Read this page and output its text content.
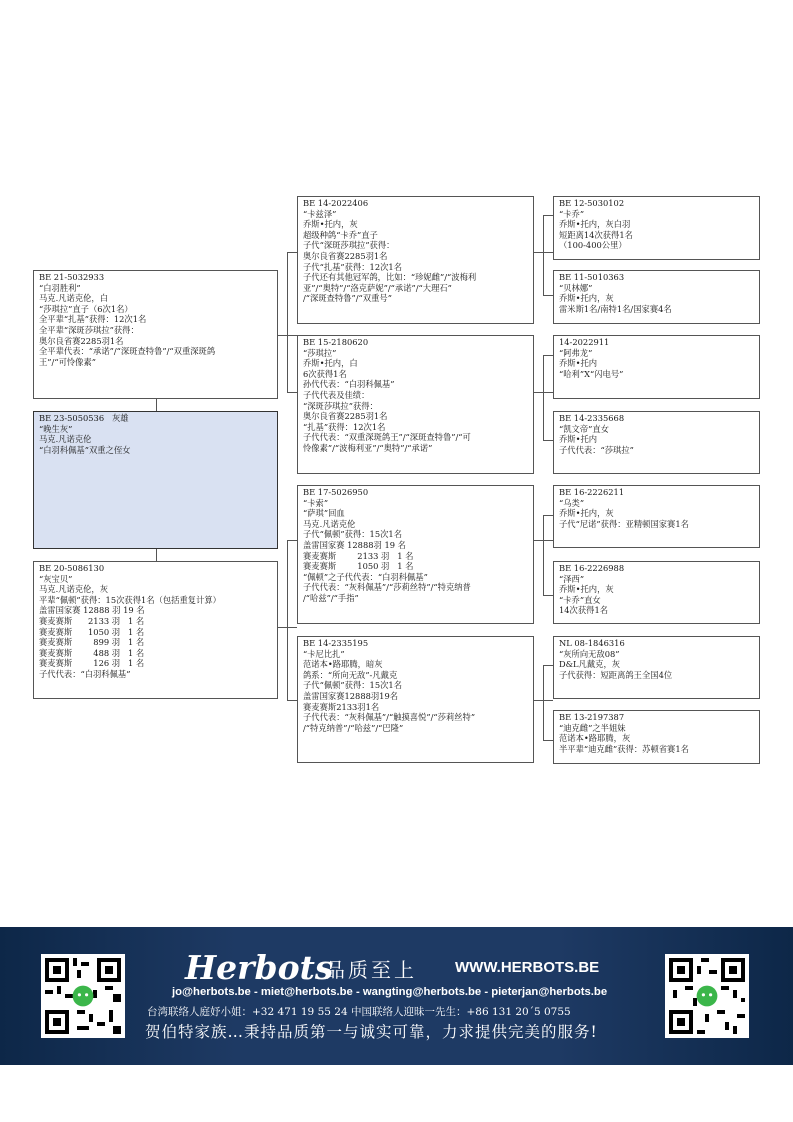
BE 21-5032933
“白羽胜利”
马克.凡诺克伦，白
“莎琪拉”直子（6次1名）
全平辈“扎基”获得：12次1名
全平辈“深斑莎琪拉”获得：
奥尔良省赛2285羽1名
全平辈代表：“承诺”/“深斑查特鲁”/“双重深斑鸽
王”/“可怜像素”
BE 23-5050536   灰雄
“晚生灰”
马克.凡诺克伦
“白羽科佩基”双重之侄女
BE 20-5086130
“灰宝贝”
马克.凡诺克伦，灰
平辈“佩顿”获得：15次获得1名（包括重复计算）
盖雷国家赛 12888 羽 19 名
赛麦赛斯      2133 羽   1 名
赛麦赛斯      1050 羽   1 名
赛麦赛斯        899 羽   1 名
赛麦赛斯        488 羽   1 名
赛麦赛斯        126 羽   1 名
子代代表：“白羽科佩基”
BE 14-2022406
“卡兹泽”
乔斯•托内，灰
超级种鸽“卡乔”直子
子代“深斑莎琪拉”获得：
奥尔良省赛2285羽1名
子代“扎基”获得：12次1名
子代还有其他冠军鸽，比如：“珍妮雌”/“波梅利
亚”/“奥特”/“洛克萨妮”/“承诺”/“大理石”
/“深斑查特鲁”/“双重号”
BE 15-2180620
“莎琪拉”
乔斯•托内，白
6次获得1名
孙代代表：“白羽科佩基”
子代代表及佳绩：
“深斑莎琪拉”获得：
奥尔良省赛2285羽1名
“扎基”获得：12次1名
子代代表：“双重深斑鸽王”/“深斑查特鲁”/“可
怜像素”/“波梅利亚”/“奥特”/“承诺”
BE 17-5026950
“卡索”
“萨琪”回血
马克.凡诺克伦
子代“佩顿”获得：15次1名
盖雷国家赛 12888羽 19 名
赛麦赛斯        2133 羽   1 名
赛麦赛斯        1050 羽   1 名
“佩顿”之子代代表：“白羽科佩基”
子代代表：“灰科佩基”/“莎莉丝特”/“特克纳普
/“哈兹”/“手指”
BE 14-2335195
“卡尼比扎”
范诺本•路耶腾，暗灰
鸽系：“所向无敌”-凡戴克
子代“佩顿”获得：15次1名
盖雷国家赛12888羽19名
赛麦赛斯2133羽1名
子代代表：“灰科佩基”/“触摸喜悦”/“莎莉丝特”
/“特克纳普”/“哈兹”/“巴隆”
BE 12-5030102
“卡乔”
乔斯•托内，灰白羽
短距离14次获得1名
（100-400公里）
BE 11-5010363
“贝林娜”
乔斯•托内，灰
雷米斯1名/南特1名/国家赛4名
14-2022911
“阿弗龙”
乔斯•托内
“哈利”X“闪电号”
BE 14-2335668
“凯文帝”直女
乔斯•托内
子代代表：“莎琪拉”
BE 16-2226211
“乌类”
乔斯•托内，灰
子代“尼诺”获得：亚精顿国家赛1名
BE 16-2226988
“泽西”
乔斯•托内，灰
“卡乔”直女
14次获得1名
NL 08-1846316
“灰所向无敌08”
D&L凡戴克，灰
子代获得：短距离鸽王全国4位
BE 13-2197387
“迪克雌”之半姐妹
范诺本•路耶腾，灰
半平辈“迪克雌”获得：苏顿省赛1名
Herbots
品质至上	WWW.HERBOTS.BE
jo@herbots.be - miet@herbots.be - wangting@herbots.be - pieterjan@herbots.be
台湾联络人庭妤小姐：+32 471 19 55 24 中国联络人迎昧一先生：+86 131 20´5 0755
贺伯特家族…秉持品质第一与诚实可靠，力求提供完美的服务!
